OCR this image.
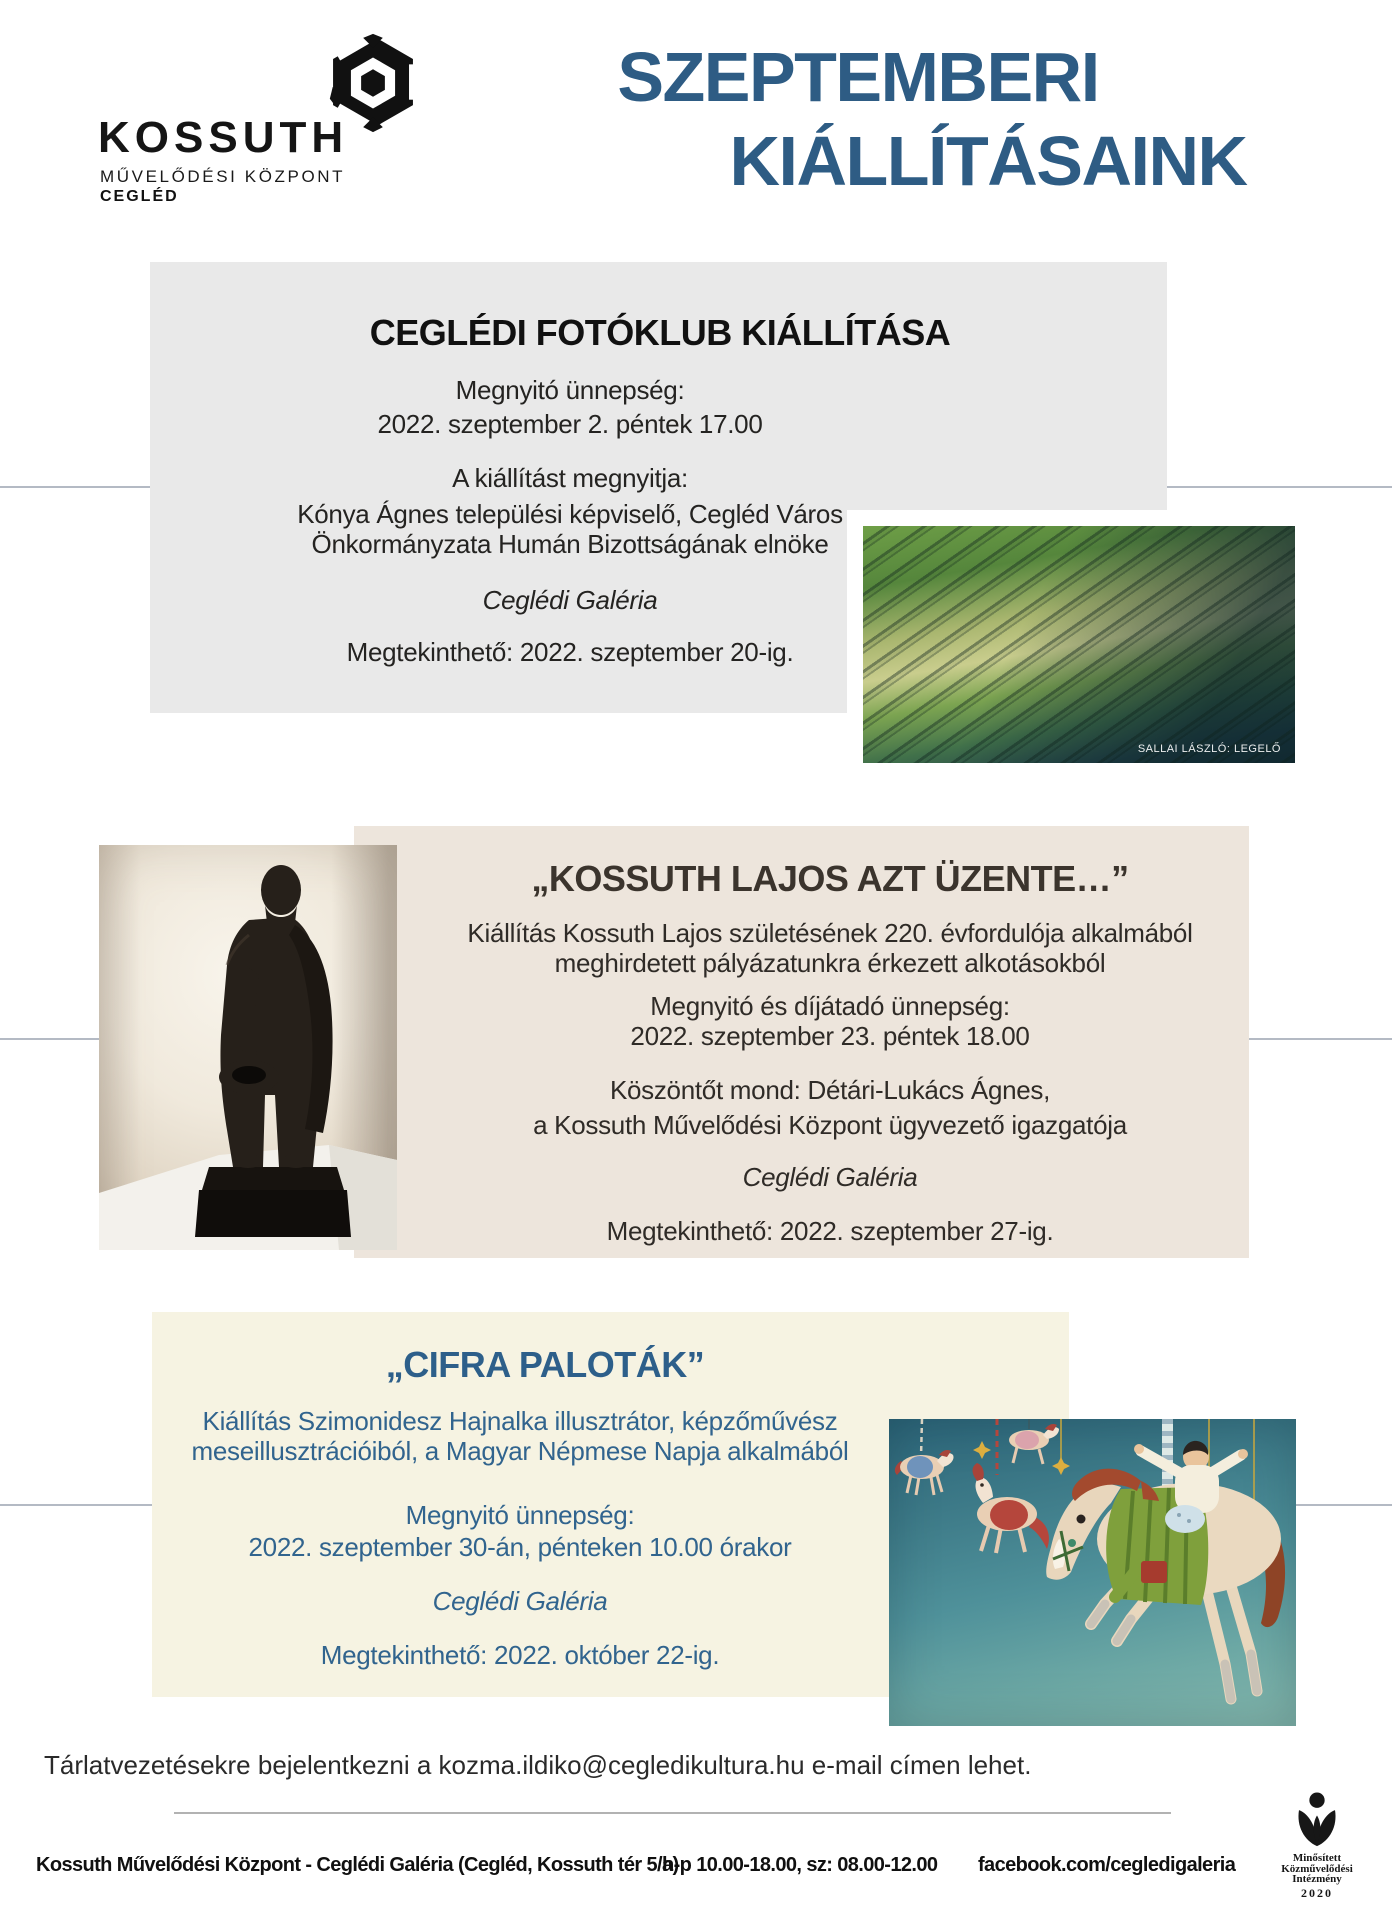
KOSSUTH
MŰVELŐDÉSI KÖZPONT
CEGLÉD
SZEPTEMBERI
KIÁLLÍTÁSAINK
CEGLÉDI FOTÓKLUB KIÁLLÍTÁSA
Megnyitó ünnepség:
2022. szeptember 2. péntek 17.00
A kiállítást megnyitja:
Kónya Ágnes települési képviselő, Cegléd Város
Önkormányzata Humán Bizottságának elnöke
Ceglédi Galéria
Megtekinthető: 2022. szeptember 20-ig.
SALLAI LÁSZLÓ: LEGELŐ
„KOSSUTH LAJOS AZT ÜZENTE…”
Kiállítás Kossuth Lajos születésének 220. évfordulója alkalmából
meghirdetett pályázatunkra érkezett alkotásokból
Megnyitó és díjátadó ünnepség:
2022. szeptember 23. péntek 18.00
Köszöntőt mond: Détári-Lukács Ágnes,
a Kossuth Művelődési Központ ügyvezető igazgatója
Ceglédi Galéria
Megtekinthető: 2022. szeptember 27-ig.
„CIFRA PALOTÁK”
Kiállítás Szimonidesz Hajnalka illusztrátor, képzőművész
meseillusztrációiból, a Magyar Népmese Napja alkalmából
Megnyitó ünnepség:
2022. szeptember 30-án, pénteken 10.00 órakor
Ceglédi Galéria
Megtekinthető: 2022. október 22-ig.
Tárlatvezetésekre bejelentkezni a kozma.ildiko@cegledikultura.hu e-mail címen lehet.
Kossuth Művelődési Központ - Ceglédi Galéria (Cegléd, Kossuth tér 5/a)
h-p 10.00-18.00, sz: 08.00-12.00 facebook.com/cegledigaleria	Minősített
Közművelődési
Intézmény
2020
